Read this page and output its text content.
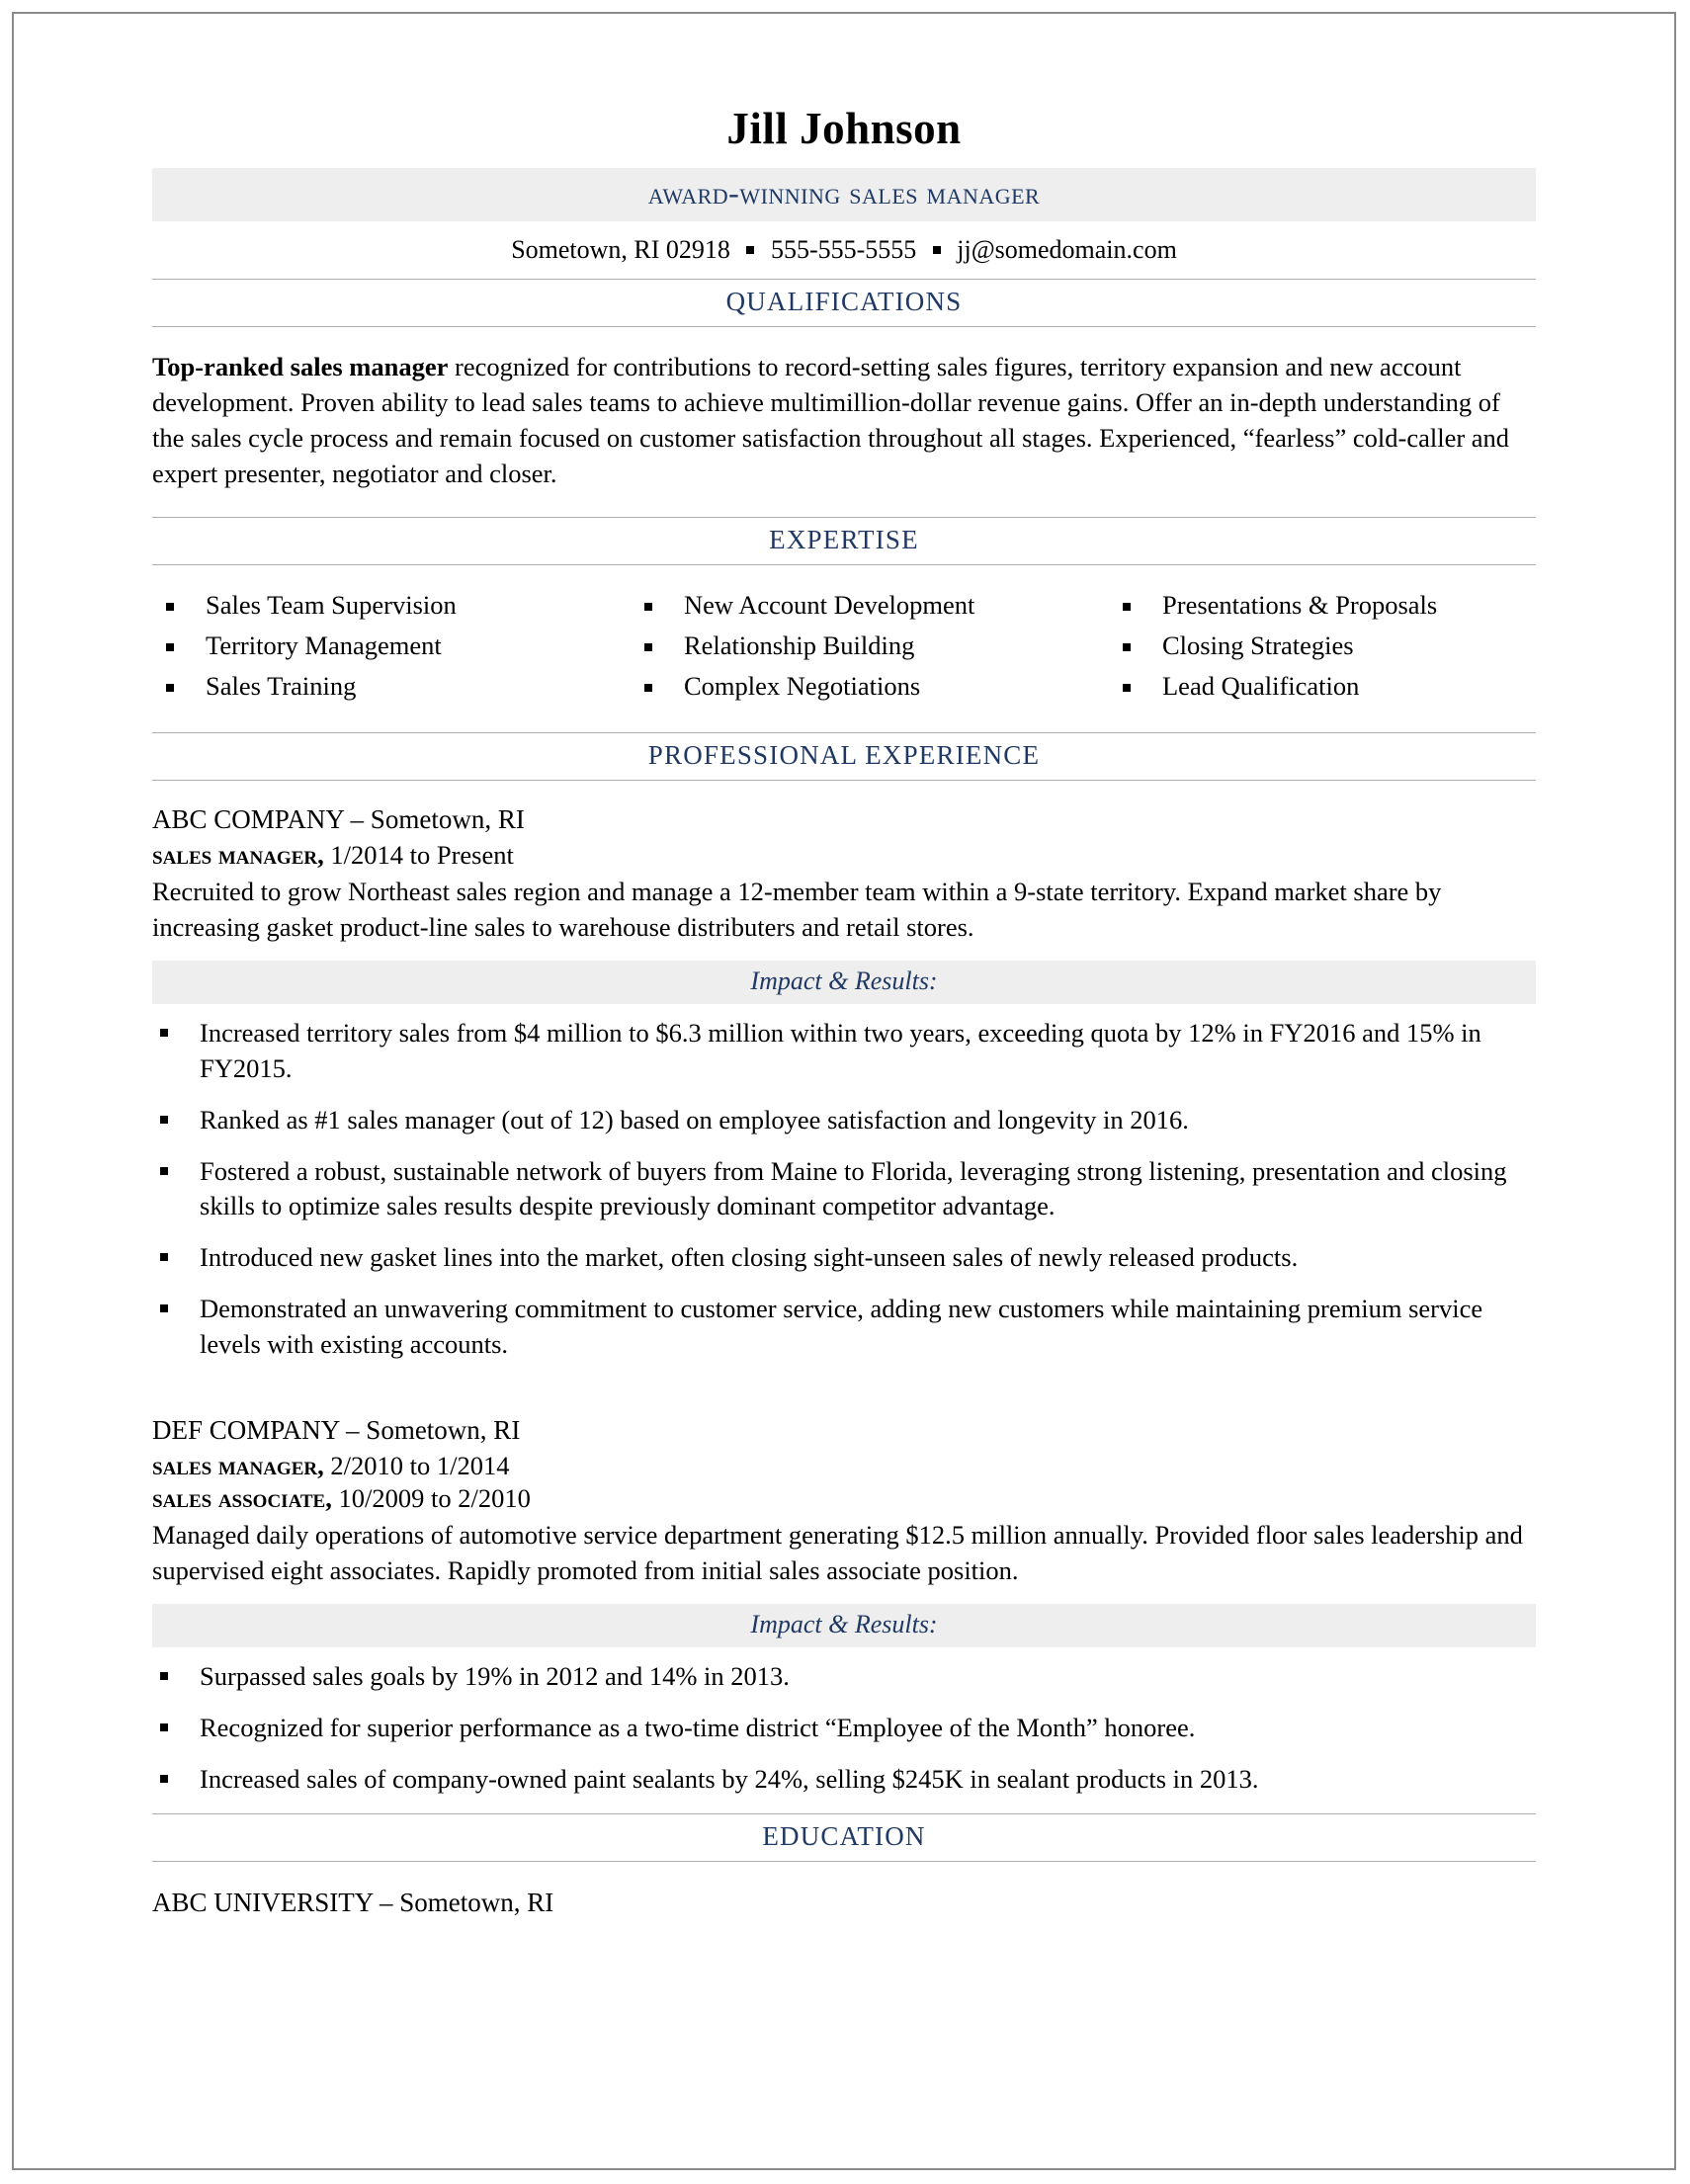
Jill Johnson
award-winning sales manager
Sometown, RI 02918 555-555-5555 jj@somedomain.com
QUALIFICATIONS
Top-ranked sales manager recognized for contributions to record-setting sales figures, territory expansion and new account development. Proven ability to lead sales teams to achieve multimillion-dollar revenue gains. Offer an in-depth understanding of the sales cycle process and remain focused on customer satisfaction throughout all stages. Experienced, “fearless” cold-caller and expert presenter, negotiator and closer.
EXPERTISE
Sales Team Supervision
Territory Management
Sales Training
New Account Development
Relationship Building
Complex Negotiations
Presentations & Proposals
Closing Strategies
Lead Qualification
PROFESSIONAL EXPERIENCE
ABC COMPANY – Sometown, RI
sales manager, 1/2014 to Present
Recruited to grow Northeast sales region and manage a 12-member team within a 9-state territory. Expand market share by increasing gasket product-line sales to warehouse distributers and retail stores.
Impact & Results:
Increased territory sales from $4 million to $6.3 million within two years, exceeding quota by 12% in FY2016 and 15% in FY2015.
Ranked as #1 sales manager (out of 12) based on employee satisfaction and longevity in 2016.
Fostered a robust, sustainable network of buyers from Maine to Florida, leveraging strong listening, presentation and closing skills to optimize sales results despite previously dominant competitor advantage.
Introduced new gasket lines into the market, often closing sight-unseen sales of newly released products.
Demonstrated an unwavering commitment to customer service, adding new customers while maintaining premium service levels with existing accounts.
DEF COMPANY – Sometown, RI
sales manager, 2/2010 to 1/2014
sales associate, 10/2009 to 2/2010
Managed daily operations of automotive service department generating $12.5 million annually. Provided floor sales leadership and supervised eight associates. Rapidly promoted from initial sales associate position.
Impact & Results:
Surpassed sales goals by 19% in 2012 and 14% in 2013.
Recognized for superior performance as a two-time district “Employee of the Month” honoree.
Increased sales of company-owned paint sealants by 24%, selling $245K in sealant products in 2013.
EDUCATION
ABC UNIVERSITY – Sometown, RI
